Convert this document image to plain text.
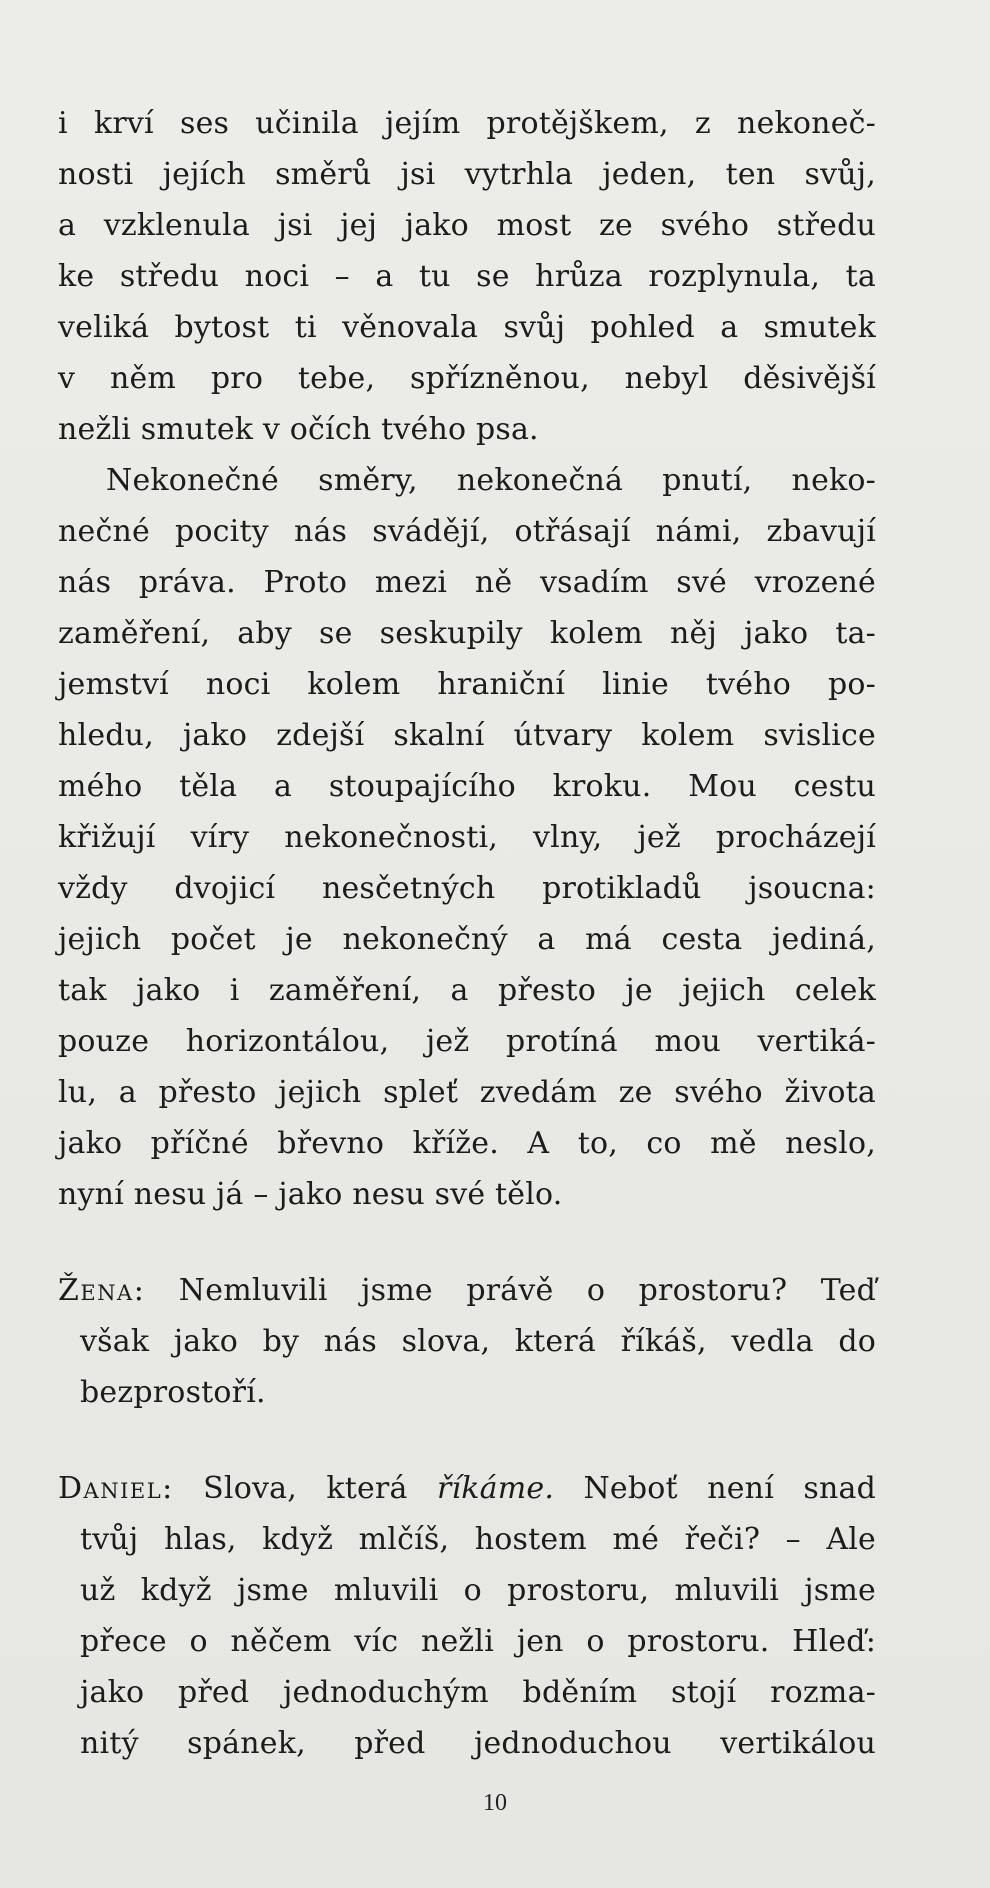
i krví ses učinila jejím protějškem, z nekoneč-
nosti jejích směrů jsi vytrhla jeden, ten svůj,
a vzklenula jsi jej jako most ze svého středu
ke středu noci – a tu se hrůza rozplynula, ta
veliká bytost ti věnovala svůj pohled a smutek
v něm pro tebe, spřízněnou, nebyl děsivější
nežli smutek v očích tvého psa.
Nekonečné směry, nekonečná pnutí, neko-
nečné pocity nás svádějí, otřásají námi, zbavují
nás práva. Proto mezi ně vsadím své vrozené
zaměření, aby se seskupily kolem něj jako ta-
jemství noci kolem hraniční linie tvého po-
hledu, jako zdejší skalní útvary kolem svislice
mého těla a stoupajícího kroku. Mou cestu
křižují víry nekonečnosti, vlny, jež procházejí
vždy dvojicí nesčetných protikladů jsoucna:
jejich počet je nekonečný a má cesta jediná,
tak jako i zaměření, a přesto je jejich celek
pouze horizontálou, jež protíná mou vertiká-
lu, a přesto jejich spleť zvedám ze svého života
jako příčné břevno kříže. A to, co mě neslo,
nyní nesu já – jako nesu své tělo.
Žena: Nemluvili jsme právě o prostoru? Teď
však jako by nás slova, která říkáš, vedla do
bezprostoří.
Daniel: Slova, která říkáme. Neboť není snad
tvůj hlas, když mlčíš, hostem mé řeči? – Ale
už když jsme mluvili o prostoru, mluvili jsme
přece o něčem víc nežli jen o prostoru. Hleď:
jako před jednoduchým bděním stojí rozma-
nitý spánek, před jednoduchou vertikálou
10
